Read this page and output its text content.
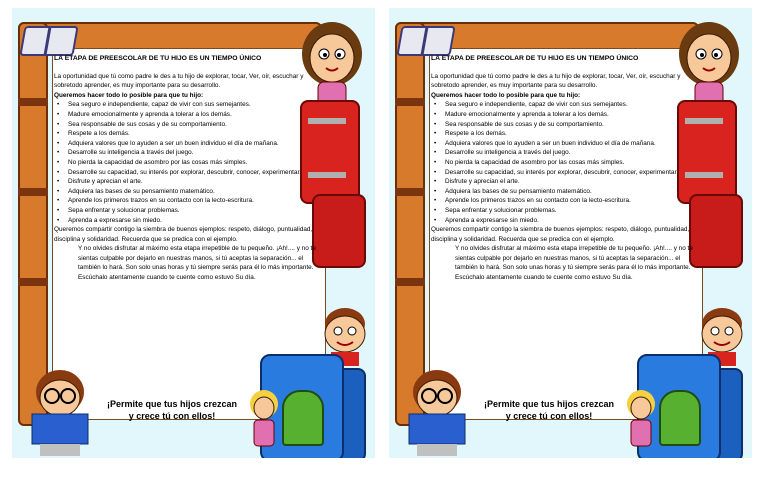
LA ETAPA DE PREESCOLAR DE TU HIJO ES UN TIEMPO ÚNICO

La oportunidad que tú como padre le des a tu hijo de explorar, tocar, Ver, oír, escuchar y sobretodo aprender, es muy importante para su desarrollo.

Queremos hacer todo lo posible para que tu hijo:

• Sea seguro e independiente, capaz de vivir con sus semejantes.
• Madure emocionalmente y aprenda a tolerar a los demás.
• Sea responsable de sus cosas y de su comportamiento.
• Respete a los demás.
• Adquiera valores que lo ayuden a ser un buen individuo el día de mañana.
• Desarrolle su inteligencia a través del juego.
• No pierda la capacidad de asombro por las cosas más simples.
• Desarrolle su capacidad, su interés por explorar, descubrir, conocer, experimentar.
• Disfrute y aprecian el arte.
• Adquiera las bases de su pensamiento matemático.
• Aprende los primeros trazos en su contacto con la lecto-escritura.
• Sepa enfrentar y solucionar problemas.
• Aprenda a expresarse sin miedo.

Queremos compartir contigo la siembra de buenos ejemplos: respeto, diálogo, puntualidad, disciplina y solidaridad. Recuerda que se predica con el ejemplo.

Y no olvides disfrutar al máximo esta etapa irrepetible de tu pequeño. ¡Ah!.... y no te sientas culpable por dejarlo en nuestras manos, si tú aceptas la separación... el también lo hará. Son solo unas horas y tú siempre serás para él lo más importante.

Escúchalo atentamente cuando te cuente como estuvo Su día.

¡Permite que tus hijos crezcan
y crece tú con ellos!
LA ETAPA DE PREESCOLAR DE TU HIJO ES UN TIEMPO ÚNICO

La oportunidad que tú como padre le des a tu hijo de explorar, tocar, Ver, oír, escuchar y sobretodo aprender, es muy importante para su desarrollo.

Queremos hacer todo lo posible para que tu hijo:

• Sea seguro e independiente, capaz de vivir con sus semejantes.
• Madure emocionalmente y aprenda a tolerar a los demás.
• Sea responsable de sus cosas y de su comportamiento.
• Respete a los demás.
• Adquiera valores que lo ayuden a ser un buen individuo el día de mañana.
• Desarrolle su inteligencia a través del juego.
• No pierda la capacidad de asombro por las cosas más simples.
• Desarrolle su capacidad, su interés por explorar, descubrir, conocer, experimentar.
• Disfrute y aprecian el arte.
• Adquiera las bases de su pensamiento matemático.
• Aprende los primeros trazos en su contacto con la lecto-escritura.
• Sepa enfrentar y solucionar problemas.
• Aprenda a expresarse sin miedo.

Queremos compartir contigo la siembra de buenos ejemplos: respeto, diálogo, puntualidad, disciplina y solidaridad. Recuerda que se predica con el ejemplo.

Y no olvides disfrutar al máximo esta etapa irrepetible de tu pequeño. ¡Ah!.... y no te sientas culpable por dejarlo en nuestras manos, si tú aceptas la separación... el también lo hará. Son solo unas horas y tú siempre serás para él lo más importante.

Escúchalo atentamente cuando te cuente como estuvo Su día.

¡Permite que tus hijos crezcan
y crece tú con ellos!
